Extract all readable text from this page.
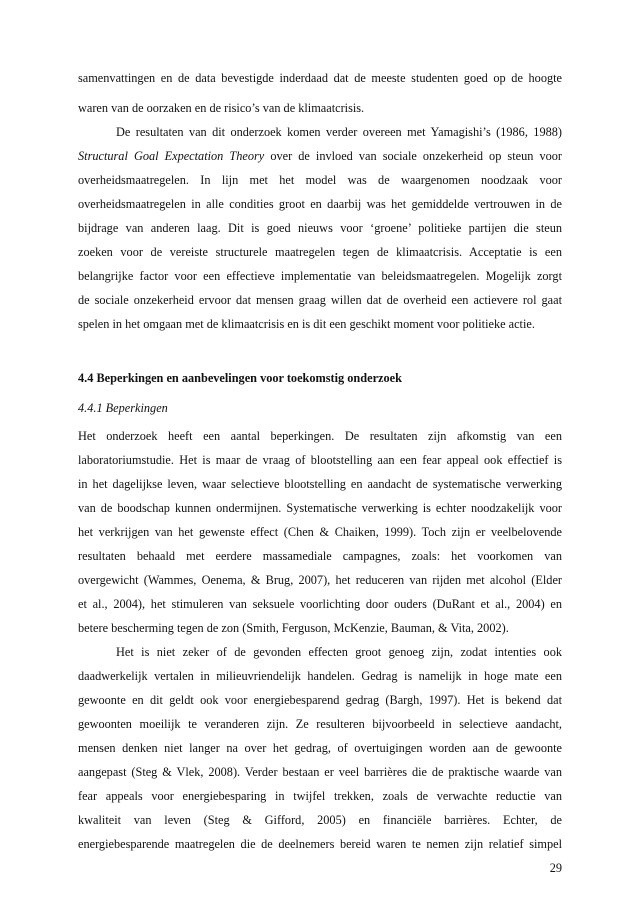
samenvattingen en de data bevestigde inderdaad dat de meeste studenten goed op de hoogte
waren van de oorzaken en de risico’s van de klimaatcrisis.
De resultaten van dit onderzoek komen verder overeen met Yamagishi’s (1986, 1988)
Structural Goal Expectation Theory over de invloed van sociale onzekerheid op steun voor
overheidsmaatregelen. In lijn met het model was de waargenomen noodzaak voor
overheidsmaatregelen in alle condities groot en daarbij was het gemiddelde vertrouwen in de
bijdrage van anderen laag. Dit is goed nieuws voor ‘groene’ politieke partijen die steun
zoeken voor de vereiste structurele maatregelen tegen de klimaatcrisis. Acceptatie is een
belangrijke factor voor een effectieve implementatie van beleidsmaatregelen. Mogelijk zorgt
de sociale onzekerheid ervoor dat mensen graag willen dat de overheid een actievere rol gaat
spelen in het omgaan met de klimaatcrisis en is dit een geschikt moment voor politieke actie.
4.4 Beperkingen en aanbevelingen voor toekomstig onderzoek
4.4.1 Beperkingen
Het onderzoek heeft een aantal beperkingen. De resultaten zijn afkomstig van een
laboratoriumstudie. Het is maar de vraag of blootstelling aan een fear appeal ook effectief is
in het dagelijkse leven, waar selectieve blootstelling en aandacht de systematische verwerking
van de boodschap kunnen ondermijnen. Systematische verwerking is echter noodzakelijk voor
het verkrijgen van het gewenste effect (Chen & Chaiken, 1999). Toch zijn er veelbelovende
resultaten behaald met eerdere massamediale campagnes, zoals: het voorkomen van
overgewicht (Wammes, Oenema, & Brug, 2007), het reduceren van rijden met alcohol (Elder
et al., 2004), het stimuleren van seksuele voorlichting door ouders (DuRant et al., 2004) en
betere bescherming tegen de zon (Smith, Ferguson, McKenzie, Bauman, & Vita, 2002).
Het is niet zeker of de gevonden effecten groot genoeg zijn, zodat intenties ook
daadwerkelijk vertalen in milieuvriendelijk handelen. Gedrag is namelijk in hoge mate een
gewoonte en dit geldt ook voor energiebesparend gedrag (Bargh, 1997). Het is bekend dat
gewoonten moeilijk te veranderen zijn. Ze resulteren bijvoorbeeld in selectieve aandacht,
mensen denken niet langer na over het gedrag, of overtuigingen worden aan de gewoonte
aangepast (Steg & Vlek, 2008). Verder bestaan er veel barrières die de praktische waarde van
fear appeals voor energiebesparing in twijfel trekken, zoals de verwachte reductie van
kwaliteit van leven (Steg & Gifford, 2005) en financiële barrières. Echter, de
energiebesparende maatregelen die de deelnemers bereid waren te nemen zijn relatief simpel
29
